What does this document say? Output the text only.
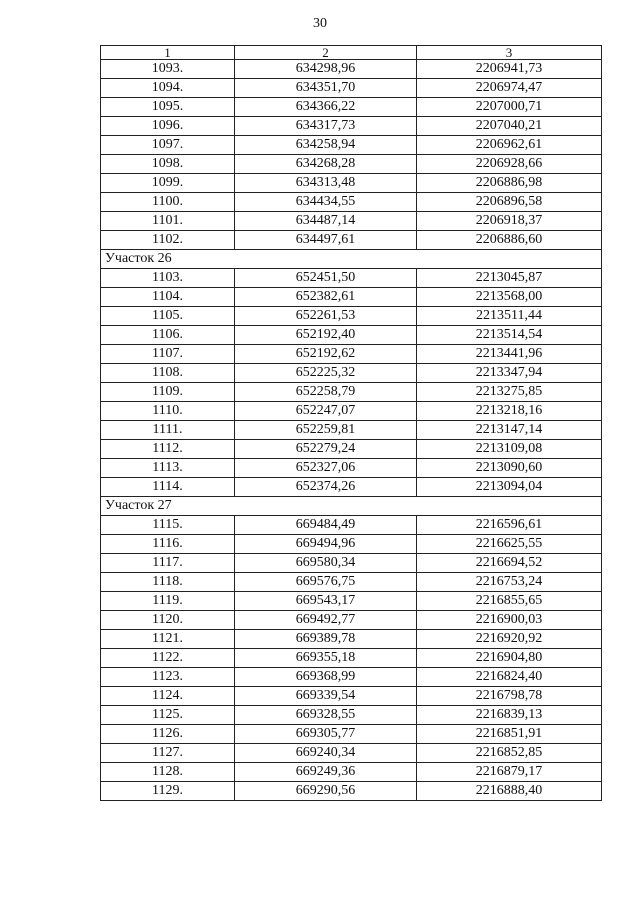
30
1	2	3
1093.	634298,96	2206941,73
1094.	634351,70	2206974,47
1095.	634366,22	2207000,71
1096.	634317,73	2207040,21
1097.	634258,94	2206962,61
1098.	634268,28	2206928,66
1099.	634313,48	2206886,98
1100.	634434,55	2206896,58
1101.	634487,14	2206918,37
1102.	634497,61	2206886,60
Участок 26		
1103.	652451,50	2213045,87
1104.	652382,61	2213568,00
1105.	652261,53	2213511,44
1106.	652192,40	2213514,54
1107.	652192,62	2213441,96
1108.	652225,32	2213347,94
1109.	652258,79	2213275,85
1110.	652247,07	2213218,16
1111.	652259,81	2213147,14
1112.	652279,24	2213109,08
1113.	652327,06	2213090,60
1114.	652374,26	2213094,04
Участок 27		
1115.	669484,49	2216596,61
1116.	669494,96	2216625,55
1117.	669580,34	2216694,52
1118.	669576,75	2216753,24
1119.	669543,17	2216855,65
1120.	669492,77	2216900,03
1121.	669389,78	2216920,92
1122.	669355,18	2216904,80
1123.	669368,99	2216824,40
1124.	669339,54	2216798,78
1125.	669328,55	2216839,13
1126.	669305,77	2216851,91
1127.	669240,34	2216852,85
1128.	669249,36	2216879,17
1129.	669290,56	2216888,40
